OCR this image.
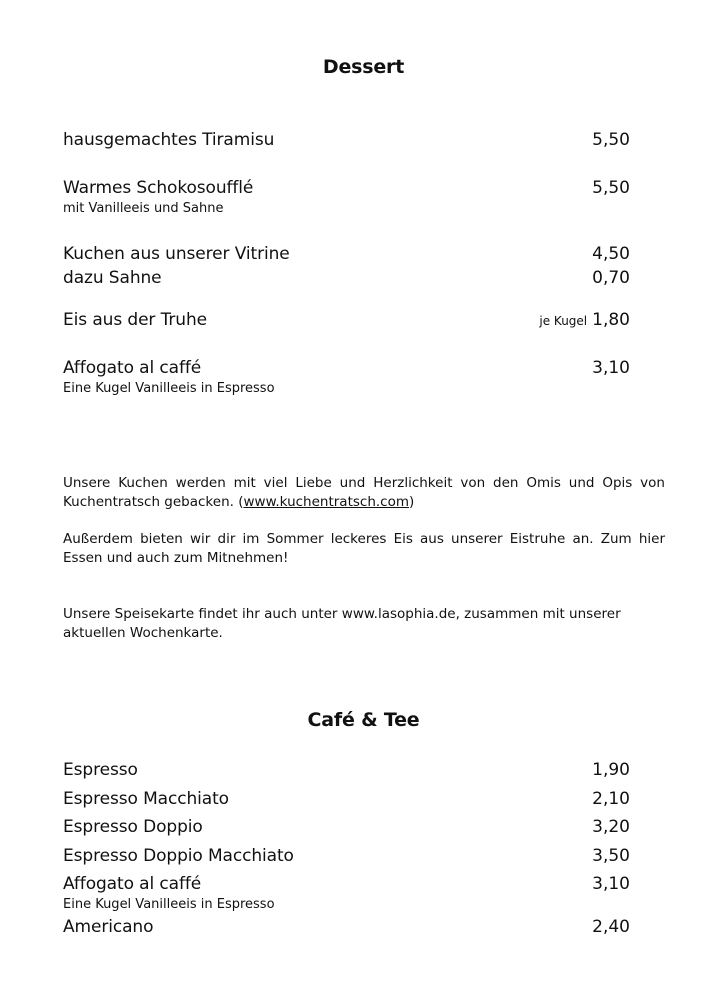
Dessert
hausgemachtes Tiramisu	5,50
Warmes Schokosoufflé	5,50
mit Vanilleeis und Sahne
Kuchen aus unserer Vitrine	4,50
dazu Sahne	0,70
Eis aus der Truhe	je Kugel 1,80
Affogato al caffé	3,10
Eine Kugel Vanilleeis in Espresso
Unsere Kuchen werden mit viel Liebe und Herzlichkeit von den Omis und Opis von Kuchentratsch gebacken. (www.kuchentratsch.com)
Außerdem bieten wir dir im Sommer leckeres Eis aus unserer Eistruhe an. Zum hier Essen und auch zum Mitnehmen!
Unsere Speisekarte findet ihr auch unter www.lasophia.de, zusammen mit unserer aktuellen Wochenkarte.
Café & Tee
Espresso	1,90
Espresso Macchiato	2,10
Espresso Doppio	3,20
Espresso Doppio Macchiato	3,50
Affogato al caffé	3,10
Eine Kugel Vanilleeis in Espresso
Americano	2,40
